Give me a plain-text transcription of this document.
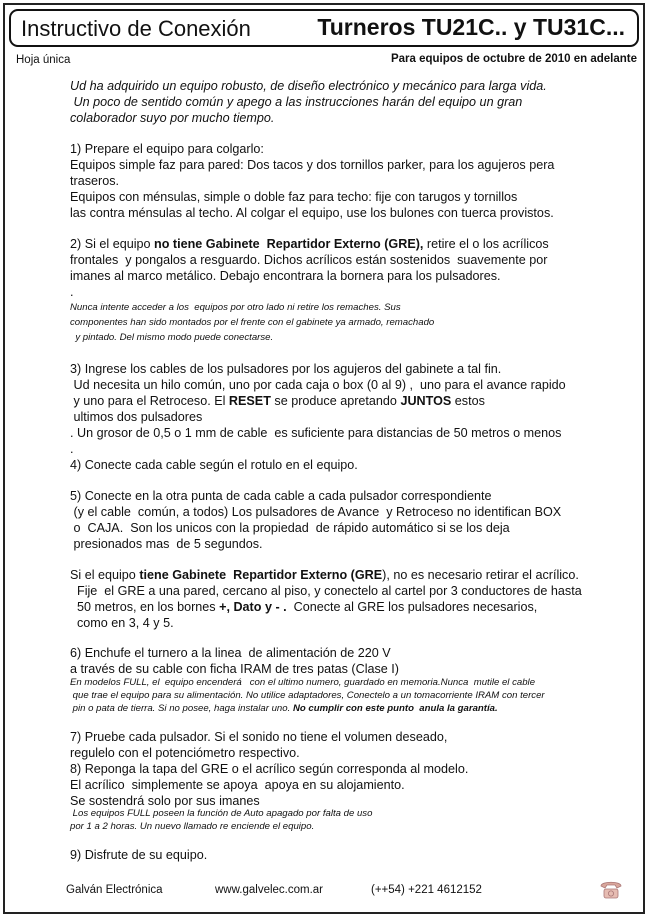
Instructivo de Conexión	Turneros TU21C.. y TU31C...
Hoja única	Para equipos de octubre de 2010 en adelante
Ud ha adquirido un equipo robusto, de diseño electrónico y mecánico para larga vida.
Un poco de sentido común y apego a las instrucciones harán del equipo un gran
colaborador suyo por mucho tiempo.
1) Prepare el equipo para colgarlo:
Equipos simple faz para pared: Dos tacos y dos tornillos parker, para los agujeros pera
traseros.
Equipos con ménsulas, simple o doble faz para techo: fije con tarugos y tornillos
las contra ménsulas al techo. Al colgar el equipo, use los bulones con tuerca provistos.
2) Si el equipo no tiene Gabinete  Repartidor Externo (GRE), retire el o los acrílicos
frontales  y pongalos a resguardo. Dichos acrílicos están sostenidos  suavemente por
imanes al marco metálico. Debajo encontrara la bornera para los pulsadores.
.
Nunca intente acceder a los  equipos por otro lado ni retire los remaches. Sus
componentes han sido montados por el frente con el gabinete ya armado, remachado
y pintado. Del mismo modo puede conectarse.
3) Ingrese los cables de los pulsadores por los agujeros del gabinete a tal fin.
Ud necesita un hilo común, uno por cada caja o box (0 al 9) ,  uno para el avance rapido
y uno para el Retroceso. El RESET se produce apretando JUNTOS estos
ultimos dos pulsadores
. Un grosor de 0,5 o 1 mm de cable  es suficiente para distancias de 50 metros o menos
.
4) Conecte cada cable según el rotulo en el equipo.
5) Conecte en la otra punta de cada cable a cada pulsador correspondiente
(y el cable  común, a todos) Los pulsadores de Avance  y Retroceso no identifican BOX
o  CAJA.  Son los unicos con la propiedad  de rápido automático si se los deja
presionados mas  de 5 segundos.
Si el equipo tiene Gabinete  Repartidor Externo (GRE), no es necesario retirar el acrílico.
Fije  el GRE a una pared, cercano al piso, y conectelo al cartel por 3 conductores de hasta
50 metros, en los bornes +, Dato y - .  Conecte al GRE los pulsadores necesarios,
como en 3, 4 y 5.
6) Enchufe el turnero a la linea  de alimentación de 220 V
a través de su cable con ficha IRAM de tres patas (Clase I)
En modelos FULL, el  equipo encenderá   con el ultimo numero, guardado en memoria.Nunca  mutile el cable
que trae el equipo para su alimentación. No utilice adaptadores, Conectelo a un tomacorriente IRAM con tercer
pin o pata de tierra. Si no posee, haga instalar uno. No cumplir con este punto  anula la garantía.
7) Pruebe cada pulsador. Si el sonido no tiene el volumen deseado,
regulelo con el potenciómetro respectivo.
8) Reponga la tapa del GRE o el acrílico según corresponda al modelo.
El acrílico  simplemente se apoya  apoya en su alojamiento.
Se sostendrá solo por sus imanes
Los equipos FULL poseen la función de Auto apagado por falta de uso
por 1 a 2 horas. Un nuevo llamado re enciende el equipo.
9) Disfrute de su equipo.
Galván Electrónica	www.galvelec.com.ar	(++54) +221 4612152
